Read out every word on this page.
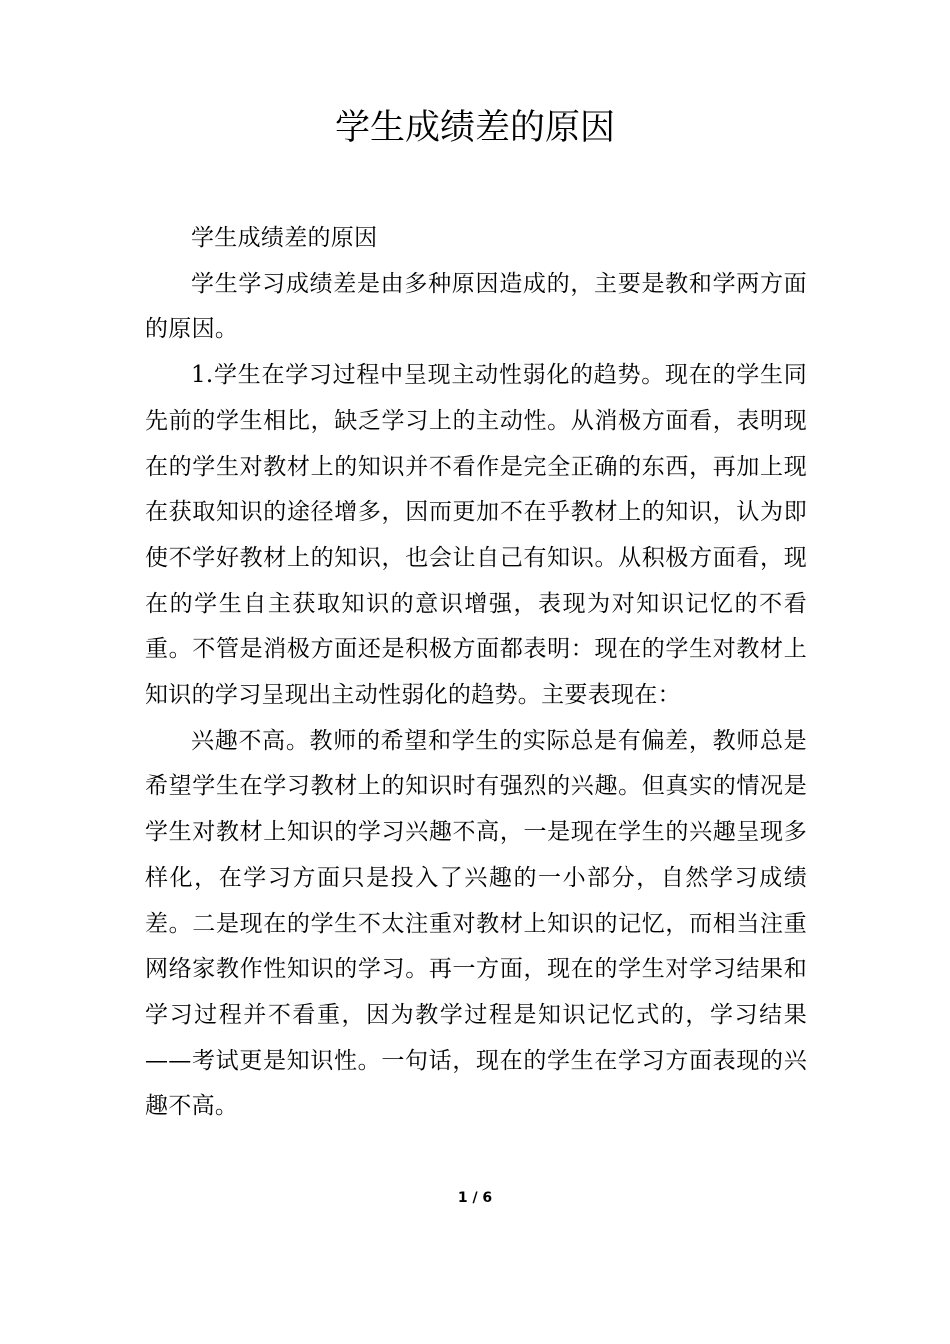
学生成绩差的原因

学生成绩差的原因

学生学习成绩差是由多种原因造成的，主要是教和学两方面的原因。

1.学生在学习过程中呈现主动性弱化的趋势。现在的学生同先前的学生相比，缺乏学习上的主动性。从消极方面看，表明现在的学生对教材上的知识并不看作是完全正确的东西，再加上现在获取知识的途径增多，因而更加不在乎教材上的知识，认为即使不学好教材上的知识，也会让自己有知识。从积极方面看，现在的学生自主获取知识的意识增强，表现为对知识记忆的不看重。不管是消极方面还是积极方面都表明：现在的学生对教材上知识的学习呈现出主动性弱化的趋势。主要表现在：

兴趣不高。教师的希望和学生的实际总是有偏差，教师总是希望学生在学习教材上的知识时有强烈的兴趣。但真实的情况是学生对教材上知识的学习兴趣不高，一是现在学生的兴趣呈现多样化，在学习方面只是投入了兴趣的一小部分，自然学习成绩差。二是现在的学生不太注重对教材上知识的记忆，而相当注重网络家教作性知识的学习。再一方面，现在的学生对学习结果和学习过程并不看重，因为教学过程是知识记忆式的，学习结果——考试更是知识性。一句话，现在的学生在学习方面表现的兴趣不高。

1 / 6
